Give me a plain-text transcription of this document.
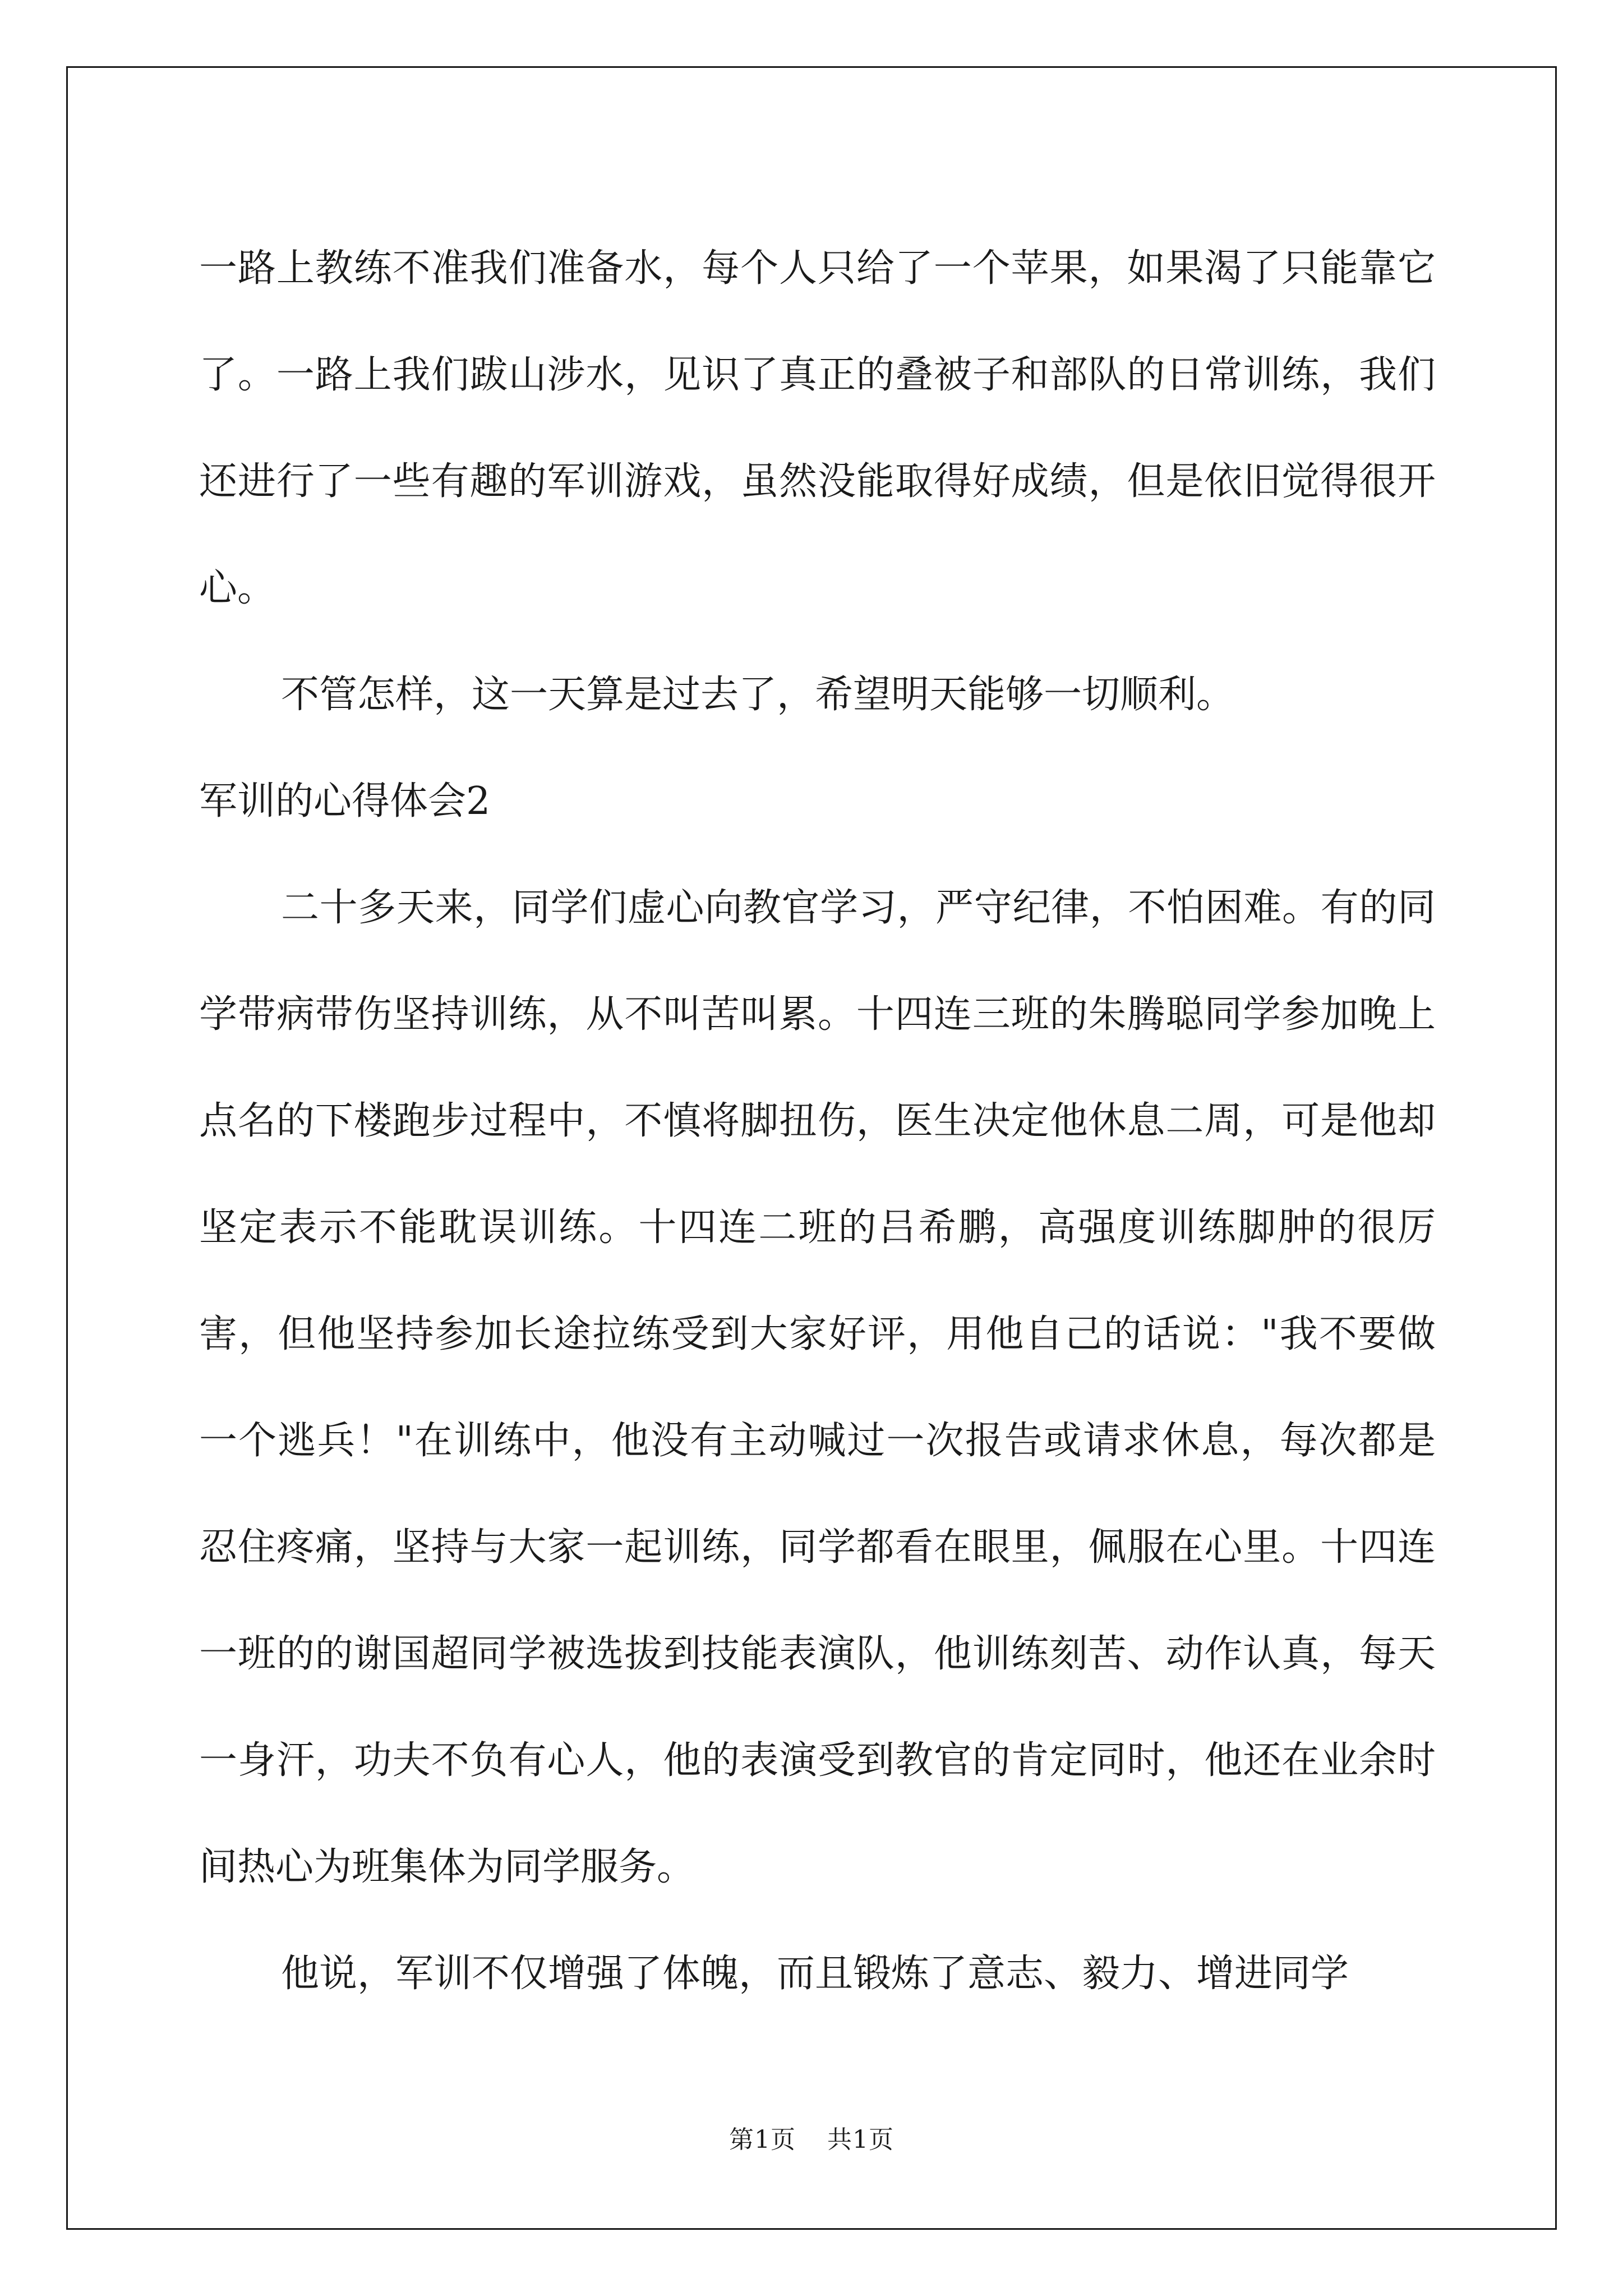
一路上教练不准我们准备水，每个人只给了一个苹果，如果渴了只能靠它了。一路上我们跋山涉水，见识了真正的叠被子和部队的日常训练，我们还进行了一些有趣的军训游戏，虽然没能取得好成绩，但是依旧觉得很开心。

不管怎样，这一天算是过去了，希望明天能够一切顺利。

军训的心得体会2

二十多天来，同学们虚心向教官学习，严守纪律，不怕困难。有的同学带病带伤坚持训练，从不叫苦叫累。十四连三班的朱腾聪同学参加晚上点名的下楼跑步过程中，不慎将脚扭伤，医生决定他休息二周，可是他却坚定表示不能耽误训练。十四连二班的吕希鹏，高强度训练脚肿的很厉害，但他坚持参加长途拉练受到大家好评，用他自己的话说："我不要做一个逃兵！"在训练中，他没有主动喊过一次报告或请求休息，每次都是忍住疼痛，坚持与大家一起训练，同学都看在眼里，佩服在心里。十四连一班的的谢国超同学被选拔到技能表演队，他训练刻苦、动作认真，每天一身汗，功夫不负有心人，他的表演受到教官的肯定同时，他还在业余时间热心为班集体为同学服务。

他说，军训不仅增强了体魄，而且锻炼了意志、毅力、增进同学

第1页 共1页
